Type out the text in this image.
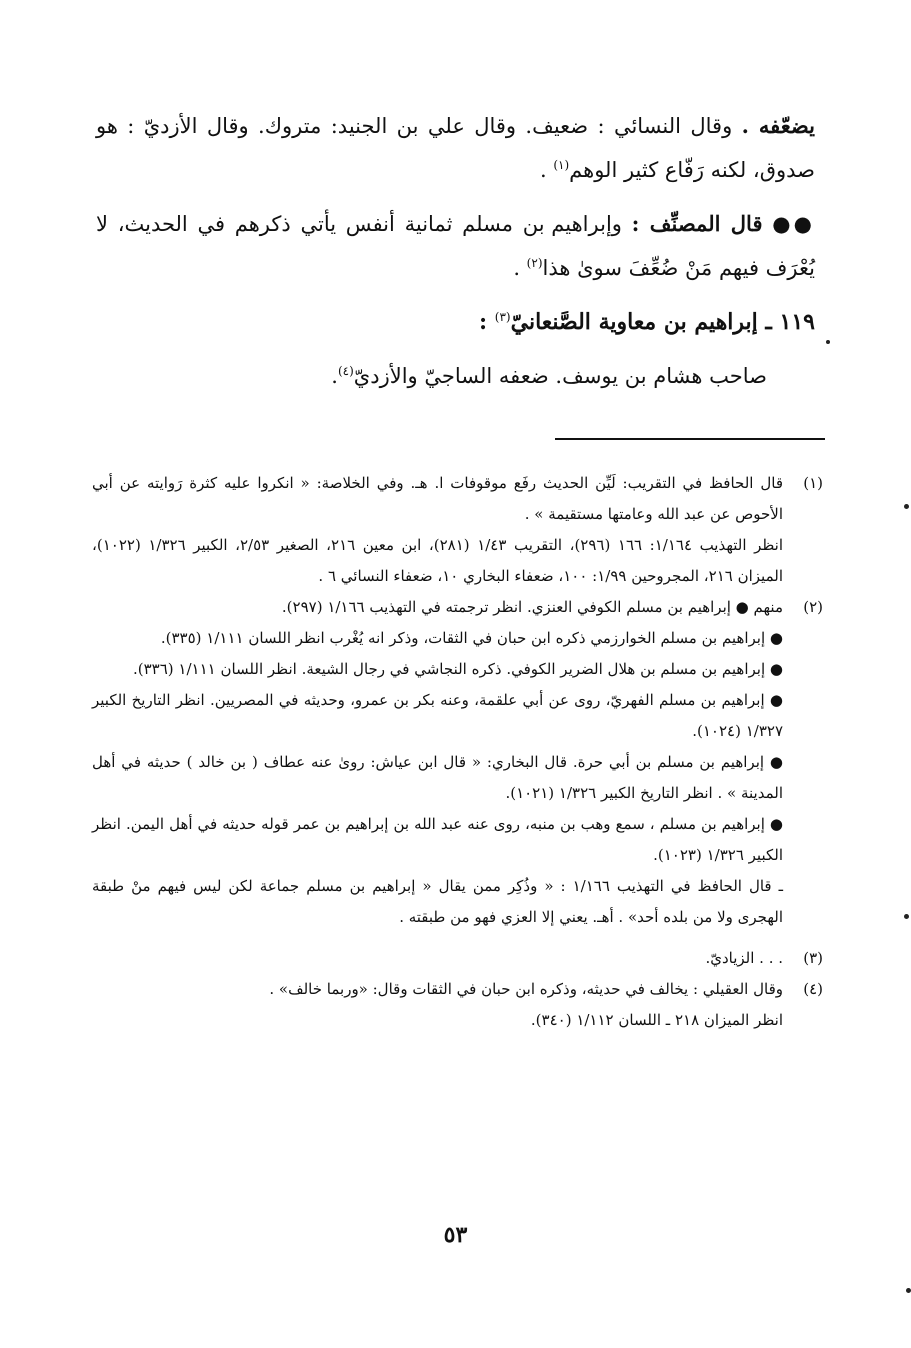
يضعّفه . وقال النسائي : ضعيف. وقال علي بن الجنيد: متروك. وقال الأزديّ : هو صدوق، لكنه رَفّاع كثير الوهم$^{(١)}$ .

●● قال المصنِّف : وإبراهيم بن مسلم ثمانية أنفس يأتي ذكرهم في الحديث، لا يُعْرَف فيهم مَنْ ضُعِّفَ سوىٰ هذا$^{(٢)}$ .

١١٩ ـ إبراهيم بن معاوية الصَّنعانيّ$^{(٣)}$ :

صاحب هشام بن يوسف. ضعفه الساجيّ والأزديّ$^{(٤)}$.

(١)

قال الحافظ في التقريب: لَيِّن الحديث رفَع موقوفات ا. هـ. وفي الخلاصة: « انكروا عليه كثرة رَوايته عن أبي الأحوص عن عبد الله وعامتها مستقيمة » .

انظر التهذيب ١/١٦٤: ١٦٦ (٢٩٦)، التقريب ١/٤٣ (٢٨١)، ابن معين ٢١٦، الصغير ٢/٥٣، الكبير ١/٣٢٦ (١٠٢٢)، الميزان ٢١٦، المجروحين ١/٩٩: ١٠٠، ضعفاء البخاري ١٠، ضعفاء النسائي ٦ .

(٢)

منهم ● إبراهيم بن مسلم الكوفي العنزي. انظر ترجمته في التهذيب ١/١٦٦ (٢٩٧).

● إبراهيم بن مسلم الخوارزمي ذكره ابن حبان في الثقات، وذكر انه يُغْرب انظر اللسان ١/١١١ (٣٣٥).

● إبراهيم بن مسلم بن هلال الضرير الكوفي. ذكره النجاشي في رجال الشيعة. انظر اللسان ١/١١١ (٣٣٦).

● إبراهيم بن مسلم الفهريّ، روى عن أبي علقمة، وعنه بكر بن عمرو، وحديثه في المصريين. انظر التاريخ الكبير ١/٣٢٧ (١٠٢٤).

● إبراهيم بن مسلم بن أبي حرة. قال البخاري: « قال ابن عياش: روىٰ عنه عطاف ( بن خالد ) حديثه في أهل المدينة » . انظر التاريخ الكبير ١/٣٢٦ (١٠٢١).

● إبراهيم بن مسلم ، سمع وهب بن منبه، روى عنه عبد الله بن إبراهيم بن عمر قوله حديثه في أهل اليمن. انظر الكبير ١/٣٢٦ (١٠٢٣).

ـ قال الحافظ في التهذيب ١/١٦٦ : « وذُكِر ممن يقال « إبراهيم بن مسلم جماعة لكن ليس فيهم منْ طبقة الهجرى ولا من بلده أحد» . أهـ. يعني إلا العزي فهو من طبقته .

(٣)

. . . الزياديّ.

(٤)

وقال العقيلي : يخالف في حديثه، وذكره ابن حبان في الثقات وقال: «وربما خالف» .

انظر الميزان ٢١٨ ـ اللسان ١/١١٢ (٣٤٠).

٥٣
